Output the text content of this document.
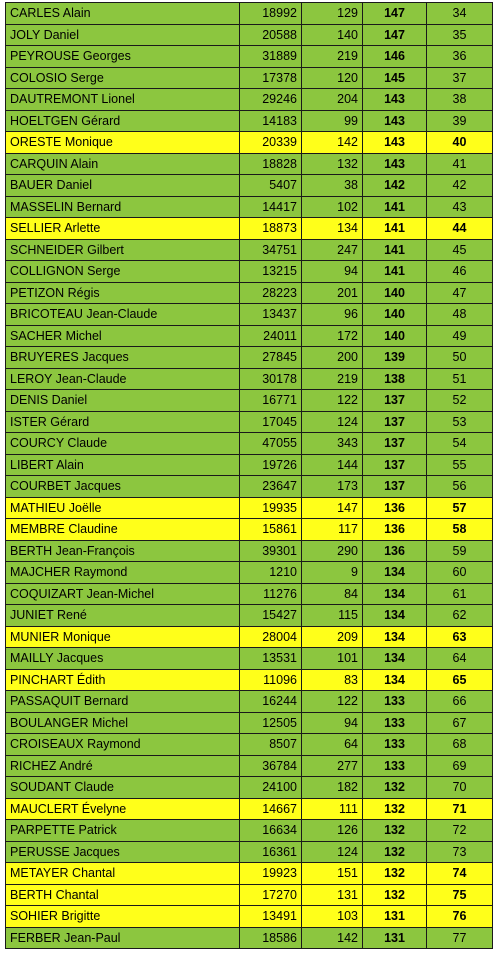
CARLES Alain	18992	129	147	34
JOLY Daniel	20588	140	147	35
PEYROUSE Georges	31889	219	146	36
COLOSIO Serge	17378	120	145	37
DAUTREMONT Lionel	29246	204	143	38
HOELTGEN Gérard	14183	99	143	39
ORESTE Monique	20339	142	143	40
CARQUIN Alain	18828	132	143	41
BAUER Daniel	5407	38	142	42
MASSELIN Bernard	14417	102	141	43
SELLIER Arlette	18873	134	141	44
SCHNEIDER Gilbert	34751	247	141	45
COLLIGNON Serge	13215	94	141	46
PETIZON Régis	28223	201	140	47
BRICOTEAU Jean-Claude	13437	96	140	48
SACHER Michel	24011	172	140	49
BRUYERES Jacques	27845	200	139	50
LEROY Jean-Claude	30178	219	138	51
DENIS Daniel	16771	122	137	52
ISTER Gérard	17045	124	137	53
COURCY Claude	47055	343	137	54
LIBERT Alain	19726	144	137	55
COURBET Jacques	23647	173	137	56
MATHIEU Joëlle	19935	147	136	57
MEMBRE Claudine	15861	117	136	58
BERTH Jean-François	39301	290	136	59
MAJCHER Raymond	1210	9	134	60
COQUIZART Jean-Michel	11276	84	134	61
JUNIET René	15427	115	134	62
MUNIER Monique	28004	209	134	63
MAILLY Jacques	13531	101	134	64
PINCHART Édith	11096	83	134	65
PASSAQUIT Bernard	16244	122	133	66
BOULANGER Michel	12505	94	133	67
CROISEAUX Raymond	8507	64	133	68
RICHEZ André	36784	277	133	69
SOUDANT Claude	24100	182	132	70
MAUCLERT Évelyne	14667	111	132	71
PARPETTE Patrick	16634	126	132	72
PERUSSE Jacques	16361	124	132	73
METAYER Chantal	19923	151	132	74
BERTH Chantal	17270	131	132	75
SOHIER Brigitte	13491	103	131	76
FERBER Jean-Paul	18586	142	131	77
